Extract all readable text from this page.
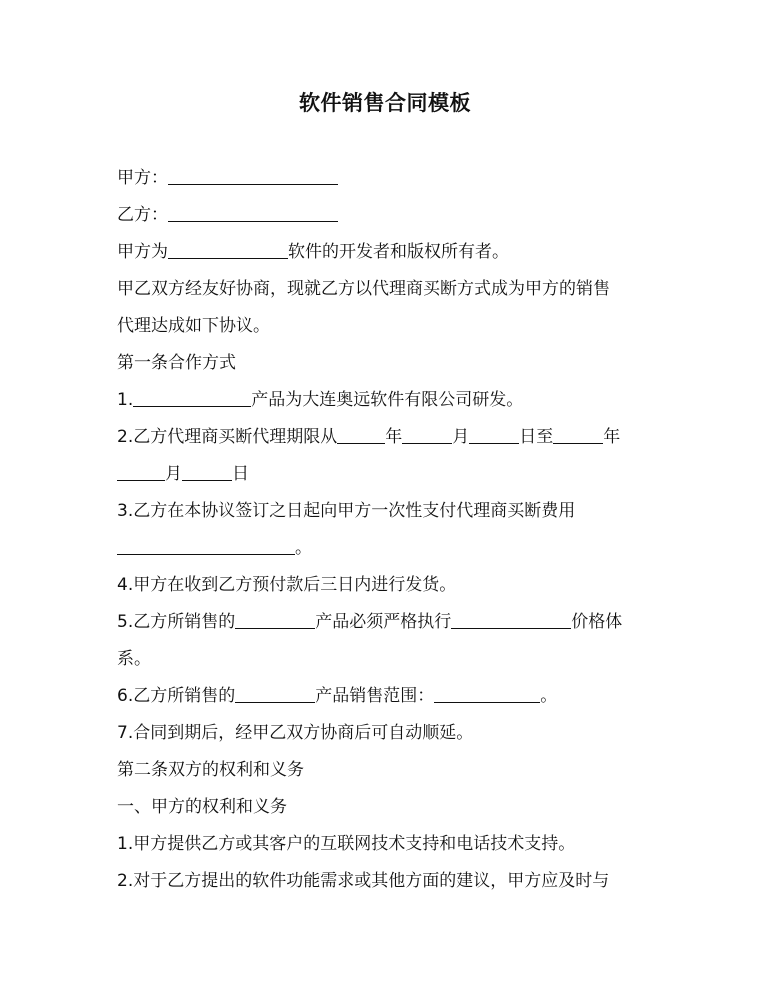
软件销售合同模板
甲方：
乙方：
甲方为	软件的开发者和版权所有者。
甲乙双方经友好协商，现就乙方以代理商买断方式成为甲方的销售
代理达成如下协议。
第一条合作方式
1.	产品为大连奥远软件有限公司研发。
2.乙方代理商买断代理期限从	年	月	日至	年
月	日
3.乙方在本协议签订之日起向甲方一次性支付代理商买断费用
。
4.甲方在收到乙方预付款后三日内进行发货。
5.乙方所销售的	产品必须严格执行	价格体
系。
6.乙方所销售的	产品销售范围：	。
7.合同到期后，经甲乙双方协商后可自动顺延。
第二条双方的权利和义务
一、甲方的权利和义务
1.甲方提供乙方或其客户的互联网技术支持和电话技术支持。
2.对于乙方提出的软件功能需求或其他方面的建议，甲方应及时与
